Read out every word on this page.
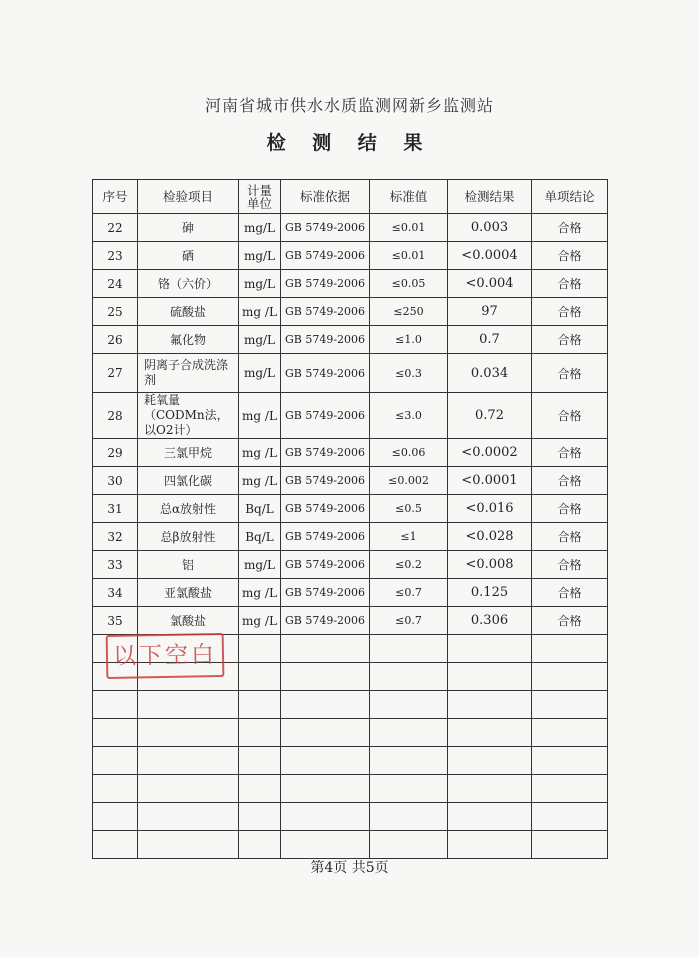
河南省城市供水水质监测网新乡监测站
检 测 结 果
序号	检验项目	计量单位	标准依据	标准值	检测结果	单项结论
22	砷	mg/L	GB 5749-2006	≤0.01	0.003	合格
23	硒	mg/L	GB 5749-2006	≤0.01	<0.0004	合格
24	铬（六价）	mg/L	GB 5749-2006	≤0.05	<0.004	合格
25	硫酸盐	mg /L	GB 5749-2006	≤250	97	合格
26	氟化物	mg/L	GB 5749-2006	≤1.0	0.7	合格
27	阴离子合成洗涤剂	mg/L	GB 5749-2006	≤0.3	0.034	合格
28	耗氧量（CODMn法，以O2计）	mg /L	GB 5749-2006	≤3.0	0.72	合格
29	三氯甲烷	mg /L	GB 5749-2006	≤0.06	<0.0002	合格
30	四氯化碳	mg /L	GB 5749-2006	≤0.002	<0.0001	合格
31	总α放射性	Bq/L	GB 5749-2006	≤0.5	<0.016	合格
32	总β放射性	Bq/L	GB 5749-2006	≤1	<0.028	合格
33	铝	mg/L	GB 5749-2006	≤0.2	<0.008	合格
34	亚氯酸盐	mg /L	GB 5749-2006	≤0.7	0.125	合格
35	氯酸盐	mg /L	GB 5749-2006	≤0.7	0.306	合格

以下空白
第4页 共5页
